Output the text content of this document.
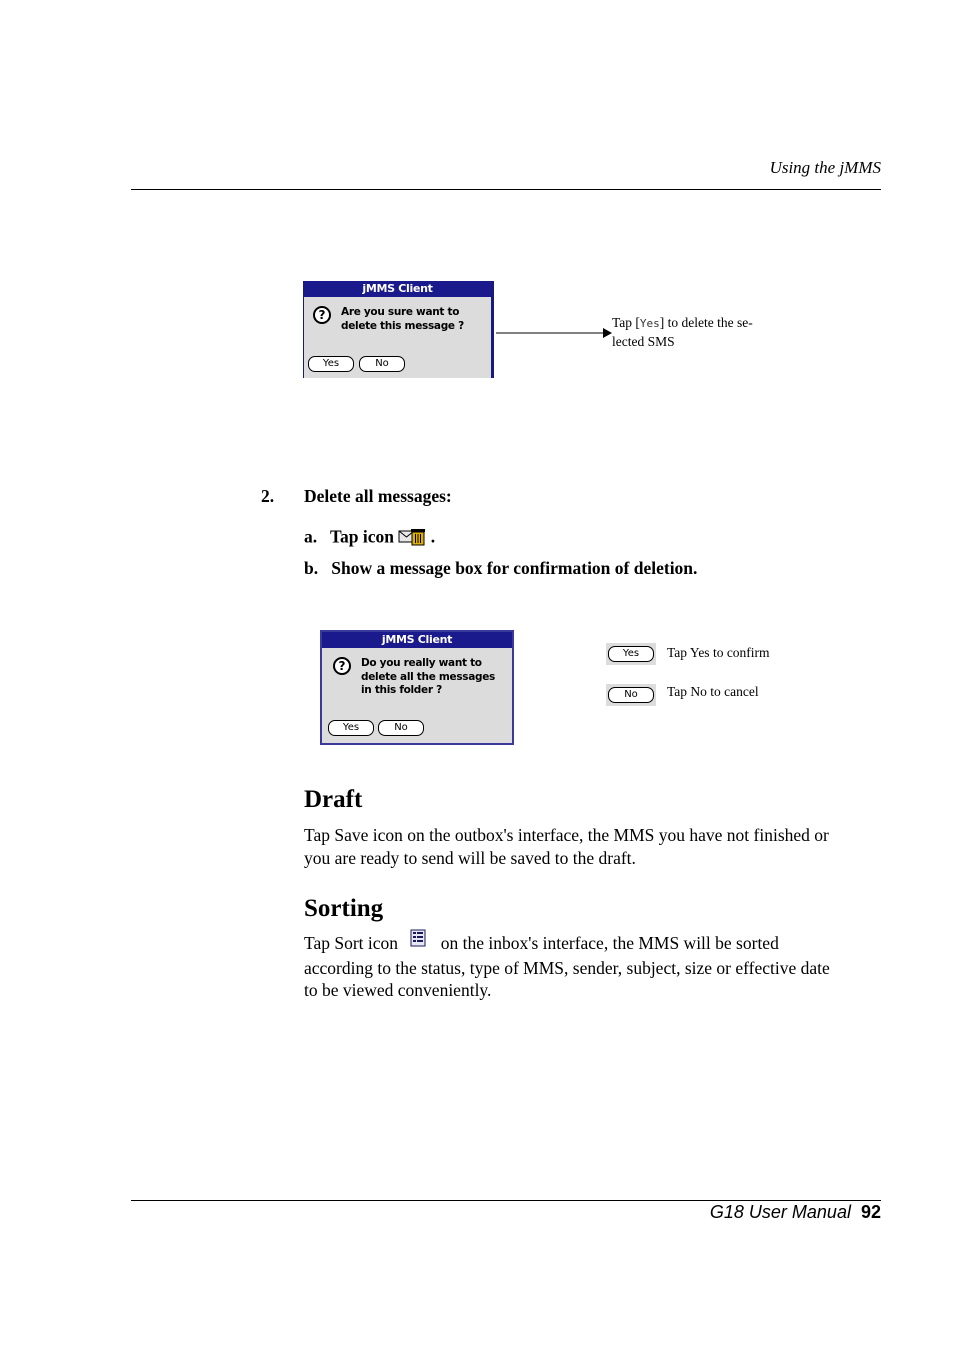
Using the jMMS
jMMS Client
?	Are you sure want to
delete this message ?
Yes	No
Tap [Yes] to delete the se-
lected SMS
2. Delete all messages:
a. Tap icon .
b. Show a message box for confirmation of deletion.
jMMS Client
?	Do you really want to
delete all the messages
in this folder ?
Yes	No
Yes	Tap Yes to confirm
No	Tap No to cancel
Draft
Tap Save icon on the outbox's interface, the MMS you have not finished or
you are ready to send will be saved to the draft.
Sorting
Tap Sort icon on the inbox's interface, the MMS will be sorted
according to the status, type of MMS, sender, subject, size or effective date
to be viewed conveniently.
G18 User Manual 92
